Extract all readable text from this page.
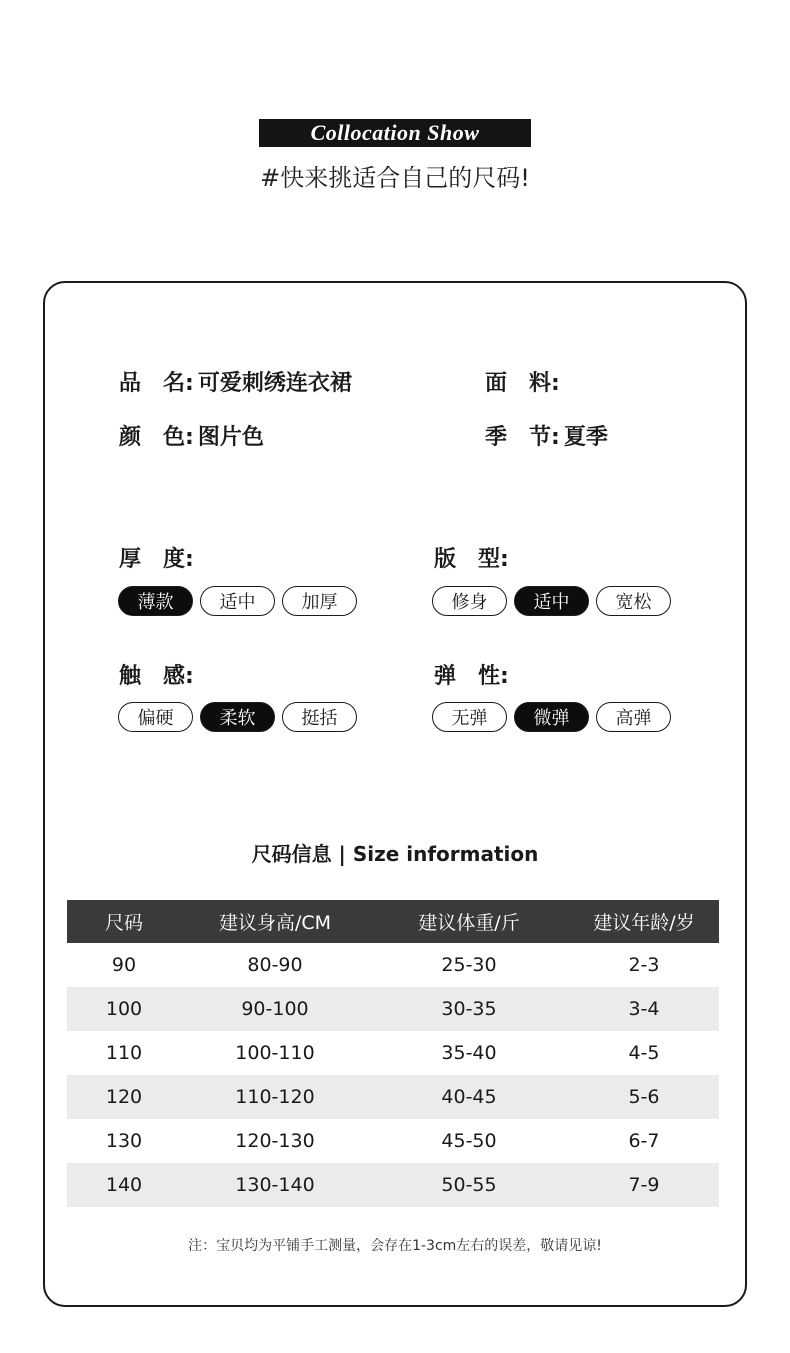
Collocation Show
#快来挑适合自己的尺码!
品　名: 可爱刺绣连衣裙	面　料:
颜　色: 图片色	季　节: 夏季
厚　度:
薄款	适中	加厚
版　型:
修身	适中	宽松
触　感:
偏硬	柔软	挺括
弹　性:
无弹	微弹	高弹
尺码信息 | Size information
尺码	建议身高/CM	建议体重/斤	建议年龄/岁
90	80-90	25-30	2-3
100	90-100	30-35	3-4
110	100-110	35-40	4-5
120	110-120	40-45	5-6
130	120-130	45-50	6-7
140	130-140	50-55	7-9
注：宝贝均为平铺手工测量，会存在1-3cm左右的误差，敬请见谅!
